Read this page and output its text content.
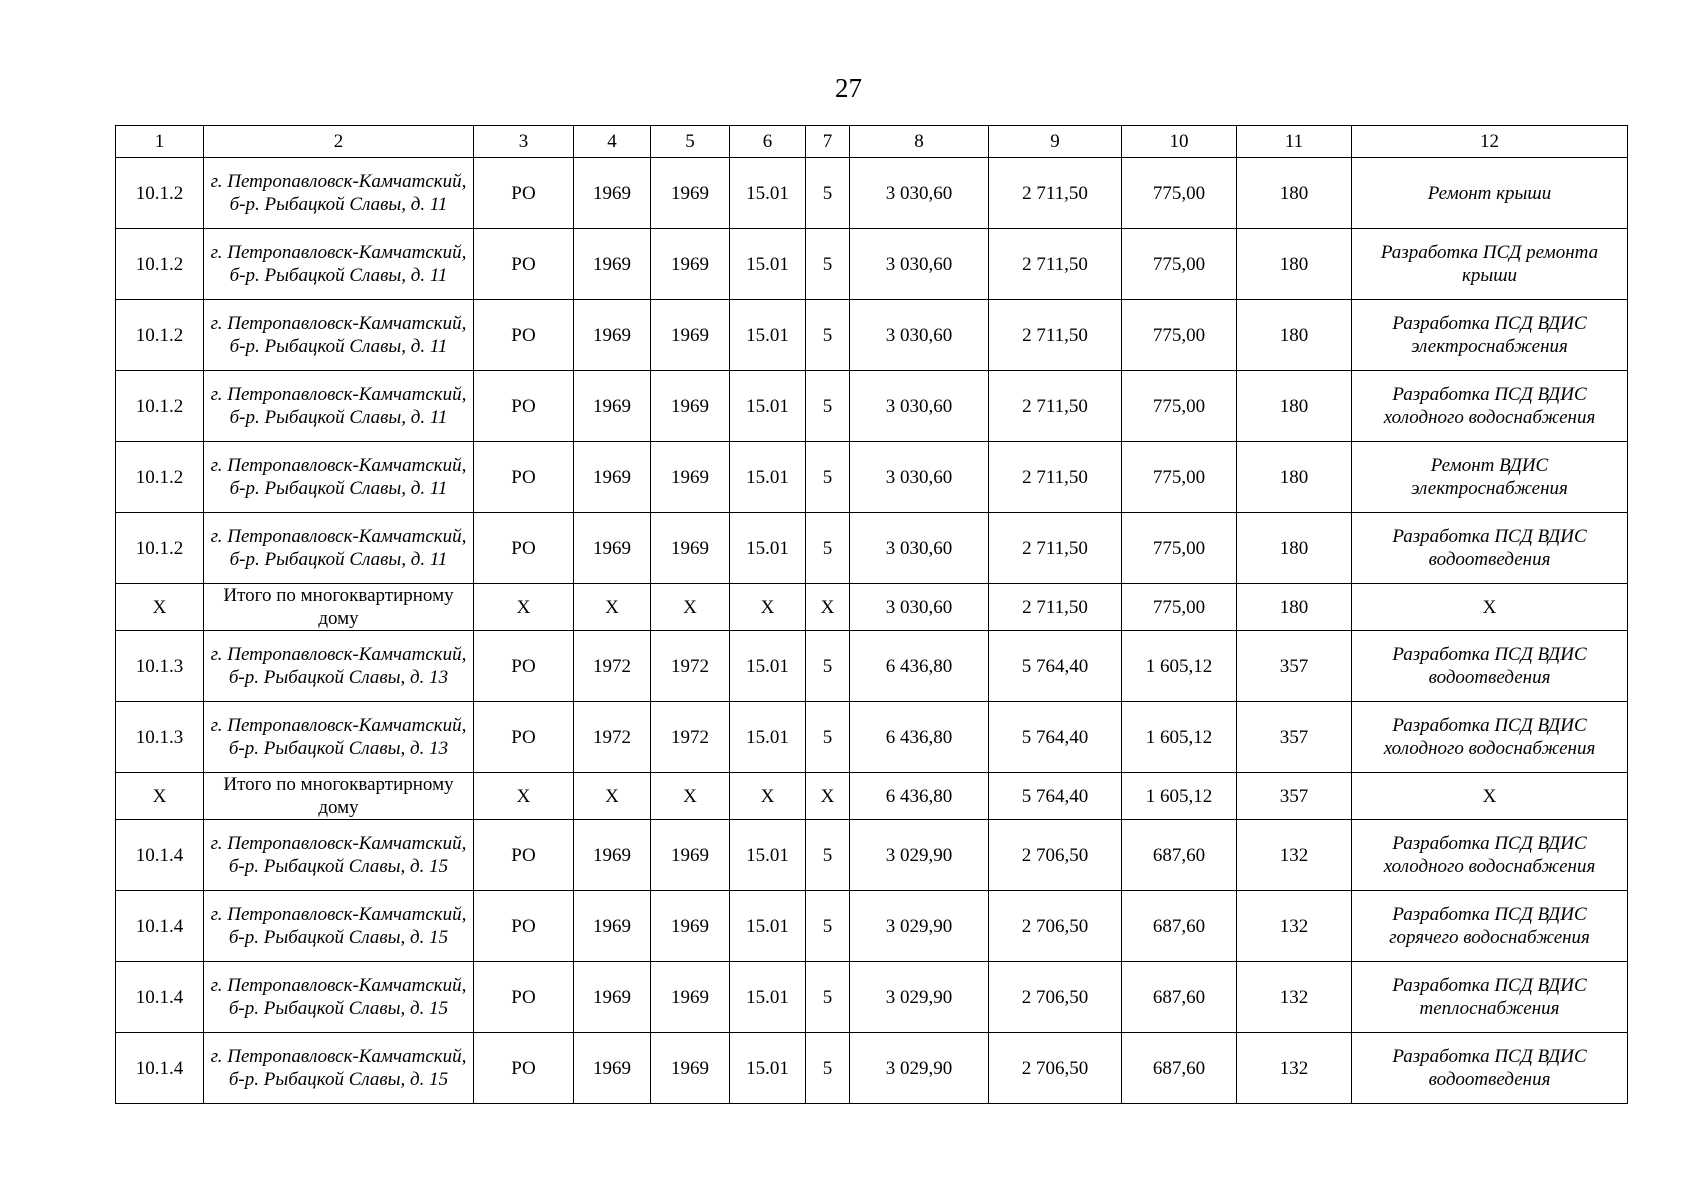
27
1	2	3	4	5	6	7	8	9	10	11	12
10.1.2	г. Петропавловск-Камчатский, б-р. Рыбацкой Славы, д. 11	РО	1969	1969	15.01	5	3 030,60	2 711,50	775,00	180	Ремонт крыши
10.1.2	г. Петропавловск-Камчатский, б-р. Рыбацкой Славы, д. 11	РО	1969	1969	15.01	5	3 030,60	2 711,50	775,00	180	Разработка ПСД ремонта крыши
10.1.2	г. Петропавловск-Камчатский, б-р. Рыбацкой Славы, д. 11	РО	1969	1969	15.01	5	3 030,60	2 711,50	775,00	180	Разработка ПСД ВДИС электроснабжения
10.1.2	г. Петропавловск-Камчатский, б-р. Рыбацкой Славы, д. 11	РО	1969	1969	15.01	5	3 030,60	2 711,50	775,00	180	Разработка ПСД ВДИС холодного водоснабжения
10.1.2	г. Петропавловск-Камчатский, б-р. Рыбацкой Славы, д. 11	РО	1969	1969	15.01	5	3 030,60	2 711,50	775,00	180	Ремонт ВДИС электроснабжения
10.1.2	г. Петропавловск-Камчатский, б-р. Рыбацкой Славы, д. 11	РО	1969	1969	15.01	5	3 030,60	2 711,50	775,00	180	Разработка ПСД ВДИС водоотведения
X	Итого по многоквартирному дому	X	X	X	X	X	3 030,60	2 711,50	775,00	180	X
10.1.3	г. Петропавловск-Камчатский, б-р. Рыбацкой Славы, д. 13	РО	1972	1972	15.01	5	6 436,80	5 764,40	1 605,12	357	Разработка ПСД ВДИС водоотведения
10.1.3	г. Петропавловск-Камчатский, б-р. Рыбацкой Славы, д. 13	РО	1972	1972	15.01	5	6 436,80	5 764,40	1 605,12	357	Разработка ПСД ВДИС холодного водоснабжения
X	Итого по многоквартирному дому	X	X	X	X	X	6 436,80	5 764,40	1 605,12	357	X
10.1.4	г. Петропавловск-Камчатский, б-р. Рыбацкой Славы, д. 15	РО	1969	1969	15.01	5	3 029,90	2 706,50	687,60	132	Разработка ПСД ВДИС холодного водоснабжения
10.1.4	г. Петропавловск-Камчатский, б-р. Рыбацкой Славы, д. 15	РО	1969	1969	15.01	5	3 029,90	2 706,50	687,60	132	Разработка ПСД ВДИС горячего водоснабжения
10.1.4	г. Петропавловск-Камчатский, б-р. Рыбацкой Славы, д. 15	РО	1969	1969	15.01	5	3 029,90	2 706,50	687,60	132	Разработка ПСД ВДИС теплоснабжения
10.1.4	г. Петропавловск-Камчатский, б-р. Рыбацкой Славы, д. 15	РО	1969	1969	15.01	5	3 029,90	2 706,50	687,60	132	Разработка ПСД ВДИС водоотведения
